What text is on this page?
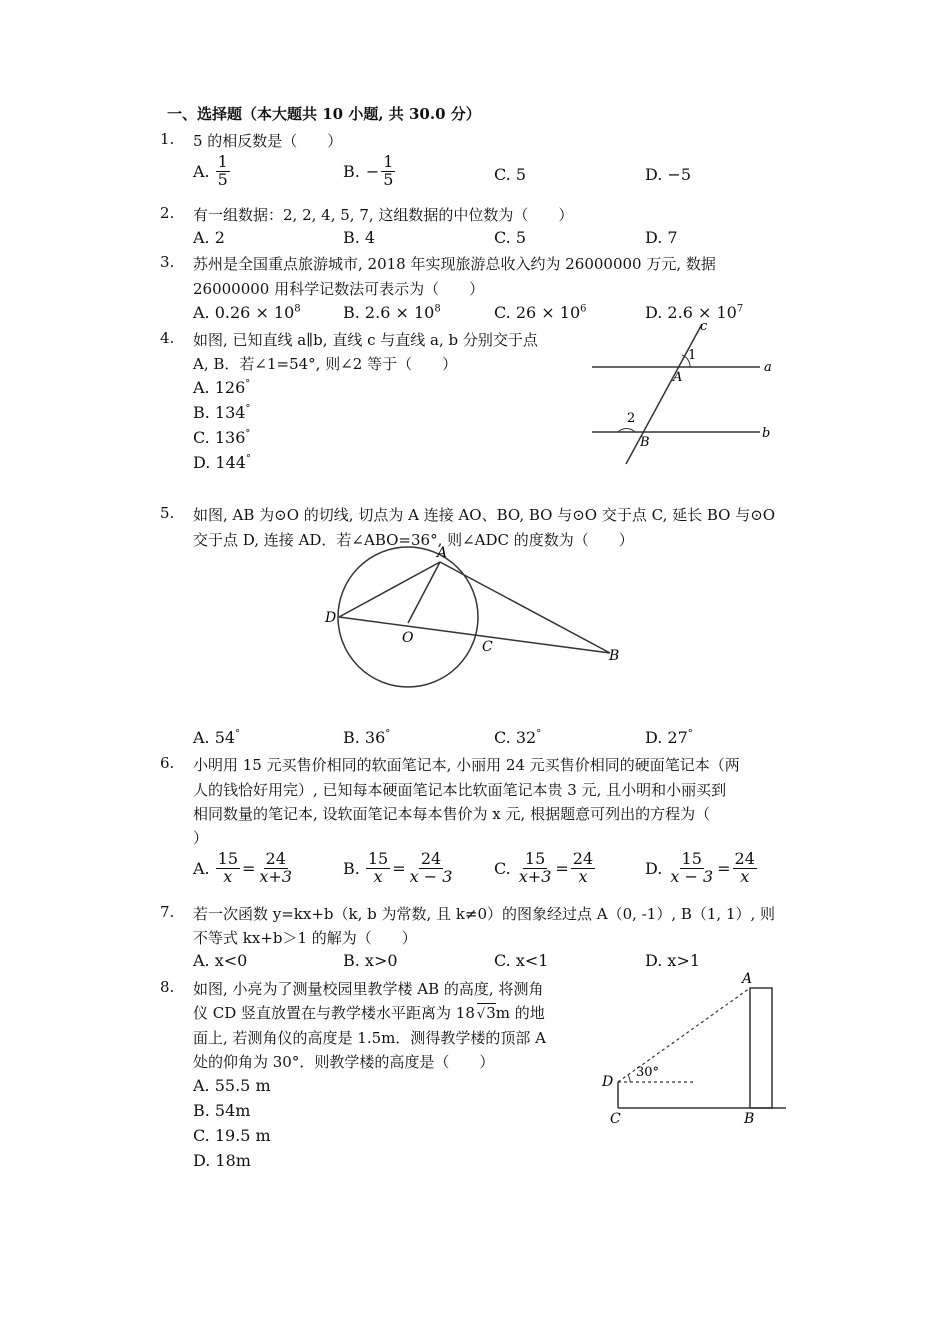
一、选择题（本大题共 10 小题, 共 30.0 分）
1. 5 的相反数是（　　）
A. $\frac{1}{5}$	B. − $\frac{1}{5}$	C. 5	D. −5
2. 有一组数据：2, 2, 4, 5, 7, 这组数据的中位数为（　　）
A. 2	B. 4	C. 5	D. 7
3. 苏州是全国重点旅游城市, 2018 年实现旅游总收入约为 26000000 万元, 数据
26000000 用科学记数法可表示为（　　）
A. $0.26 \times 10^8$	B. $2.6 \times 10^8$	C. $26 \times 10^6$	D. $2.6 \times 10^7$
4. 如图, 已知直线 a∥b, 直线 c 与直线 a, b 分别交于点
A, B．若∠1=54°, 则∠2 等于（　　）
A. 126°
B. 134°
C. 136°
D. 144°
c
1
A
a
2
B
b
5. 如图, AB 为⊙O 的切线, 切点为 A 连接 AO、BO, BO 与⊙O 交于点 C, 延长 BO 与⊙O
交于点 D, 连接 AD．若∠ABO=36°, 则∠ADC 的度数为（　　）
A
D
O
C
B
A. 54°	B. 36°	C. 32°	D. 27°
6. 小明用 15 元买售价相同的软面笔记本, 小丽用 24 元买售价相同的硬面笔记本（两
人的钱恰好用完）, 已知每本硬面笔记本比软面笔记本贵 3 元, 且小明和小丽买到
相同数量的笔记本, 设软面笔记本每本售价为 x 元, 根据题意可列出的方程为（
）
A. $\frac{15}{x} = \frac{24}{x+3}$	B. $\frac{15}{x} = \frac{24}{x - 3} C$. $\frac{15}{x+3} = \frac{24}{x}$	D. $\frac{15}{x - 3} = \frac{24}{x}$
7. 若一次函数 y=kx+b（k, b 为常数, 且 k≠0）的图象经过点 A（0, -1）, B（1, 1）, 则
不等式 kx+b＞1 的解为（　　）
A. x<0	B. x>0	C. x<1	D. x>1
8. 如图, 小亮为了测量校园里教学楼 AB 的高度, 将测角
仪 CD 竖直放置在与教学楼水平距离为 18 √3m 的地
面上, 若测角仪的高度是 1.5m．测得教学楼的顶部 A
处的仰角为 30°．则教学楼的高度是（　　）
A. 55.5 m
B. 54m
C. 19.5 m
D. 18m
A
D
30°
C	B
